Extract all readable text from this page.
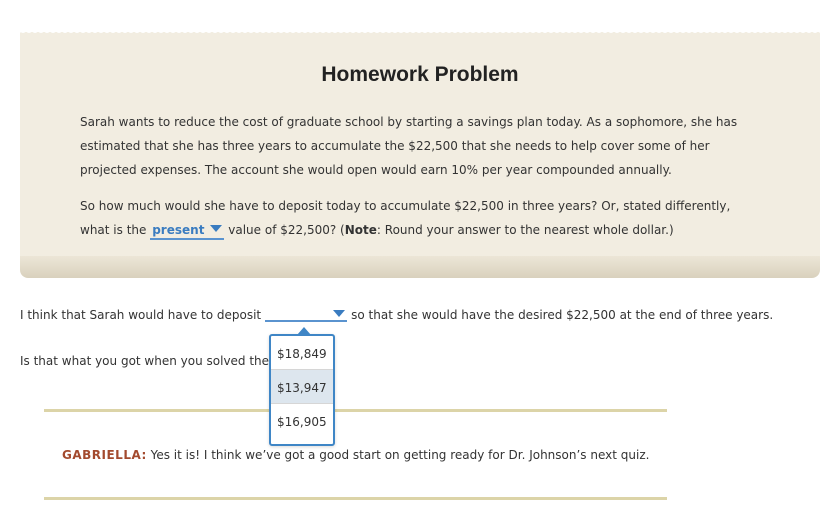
Homework Problem

Sarah wants to reduce the cost of graduate school by starting a savings plan today. As a sophomore, she has estimated that she has three years to accumulate the $22,500 that she needs to help cover some of her projected expenses. The account she would open would earn 10% per year compounded annually.

So how much would she have to deposit today to accumulate $22,500 in three years? Or, stated differently, what is the present value of $22,500? (Note: Round your answer to the nearest whole dollar.)

I think that Sarah would have to deposit	so that she would have the desired $22,500 at the end of three years.

Is that what you got when you solved the

GABRIELLA: Yes it is! I think we’ve got a good start on getting ready for Dr. Johnson’s next quiz.

$18,849
$13,947
$16,905
